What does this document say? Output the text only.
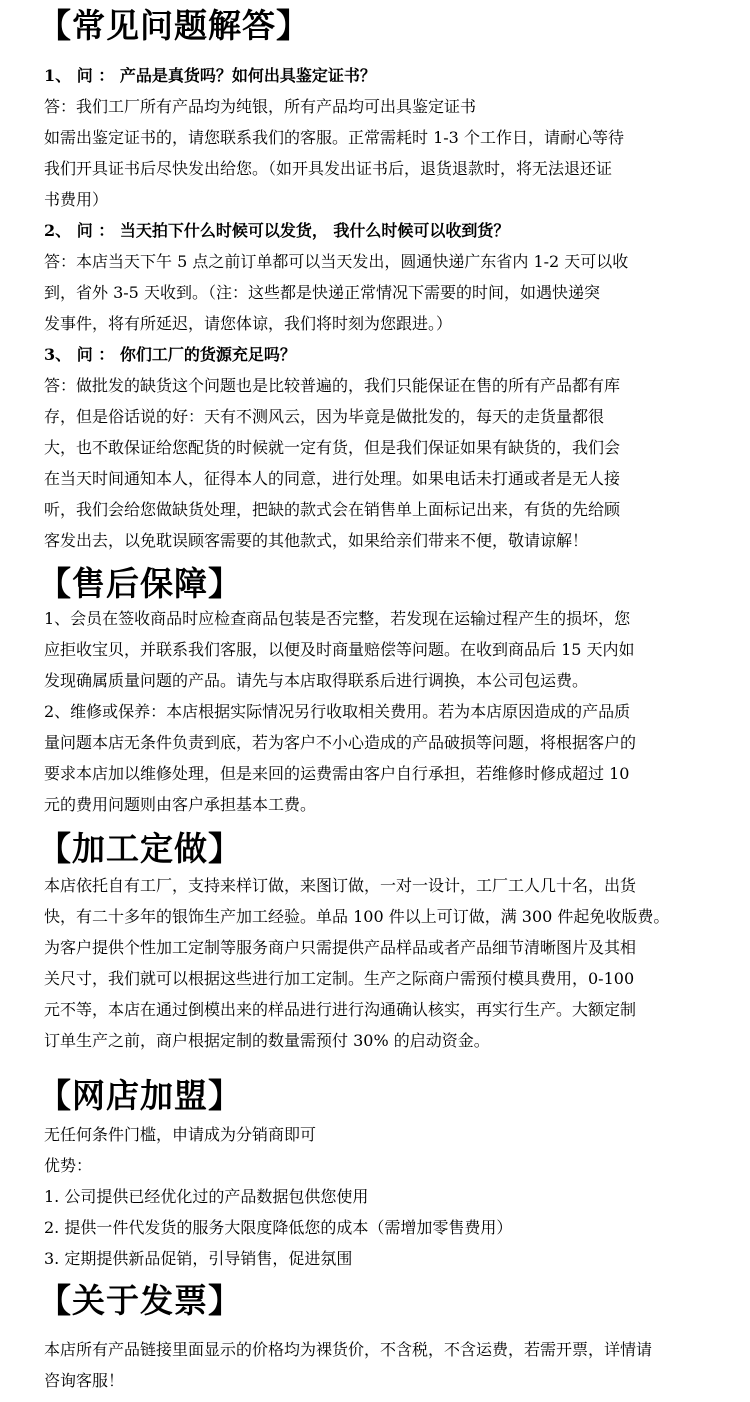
【常见问题解答】
1、 问 ： 产品是真货吗？如何出具鉴定证书？
答：我们工厂所有产品均为纯银，所有产品均可出具鉴定证书
如需出鉴定证书的，请您联系我们的客服。正常需耗时 1-3 个工作日，请耐心等待
我们开具证书后尽快发出给您。（如开具发出证书后，退货退款时，将无法退还证
书费用）
2、 问 ： 当天拍下什么时候可以发货， 我什么时候可以收到货？
答：本店当天下午 5 点之前订单都可以当天发出，圆通快递广东省内 1-2 天可以收
到，省外 3-5 天收到。（注：这些都是快递正常情况下需要的时间，如遇快递突
发事件，将有所延迟，请您体谅，我们将时刻为您跟进。）
3、 问 ： 你们工厂的货源充足吗？
答：做批发的缺货这个问题也是比较普遍的，我们只能保证在售的所有产品都有库
存，但是俗话说的好：天有不测风云，因为毕竟是做批发的，每天的走货量都很
大，也不敢保证给您配货的时候就一定有货，但是我们保证如果有缺货的，我们会
在当天时间通知本人，征得本人的同意，进行处理。如果电话未打通或者是无人接
听，我们会给您做缺货处理，把缺的款式会在销售单上面标记出来，有货的先给顾
客发出去，以免耽误顾客需要的其他款式，如果给亲们带来不便，敬请谅解！
【售后保障】
1、会员在签收商品时应检查商品包装是否完整，若发现在运输过程产生的损坏，您
应拒收宝贝，并联系我们客服，以便及时商量赔偿等问题。在收到商品后 15 天内如
发现确属质量问题的产品。请先与本店取得联系后进行调换，本公司包运费。
2、维修或保养：本店根据实际情况另行收取相关费用。若为本店原因造成的产品质
量问题本店无条件负责到底，若为客户不小心造成的产品破损等问题，将根据客户的
要求本店加以维修处理，但是来回的运费需由客户自行承担，若维修时修成超过 10
元的费用问题则由客户承担基本工费。
【加工定做】
本店依托自有工厂，支持来样订做，来图订做，一对一设计，工厂工人几十名，出货
快，有二十多年的银饰生产加工经验。单品 100 件以上可订做，满 300 件起免收版费。
为客户提供个性加工定制等服务商户只需提供产品样品或者产品细节清晰图片及其相
关尺寸，我们就可以根据这些进行加工定制。生产之际商户需预付模具费用，0-100
元不等，本店在通过倒模出来的样品进行进行沟通确认核实，再实行生产。大额定制
订单生产之前，商户根据定制的数量需预付 30% 的启动资金。
【网店加盟】
无任何条件门槛，申请成为分销商即可
优势：
1. 公司提供已经优化过的产品数据包供您使用
2. 提供一件代发货的服务大限度降低您的成本（需增加零售费用）
3. 定期提供新品促销，引导销售，促进氛围
【关于发票】
本店所有产品链接里面显示的价格均为裸货价，不含税，不含运费，若需开票，详情请
咨询客服！
